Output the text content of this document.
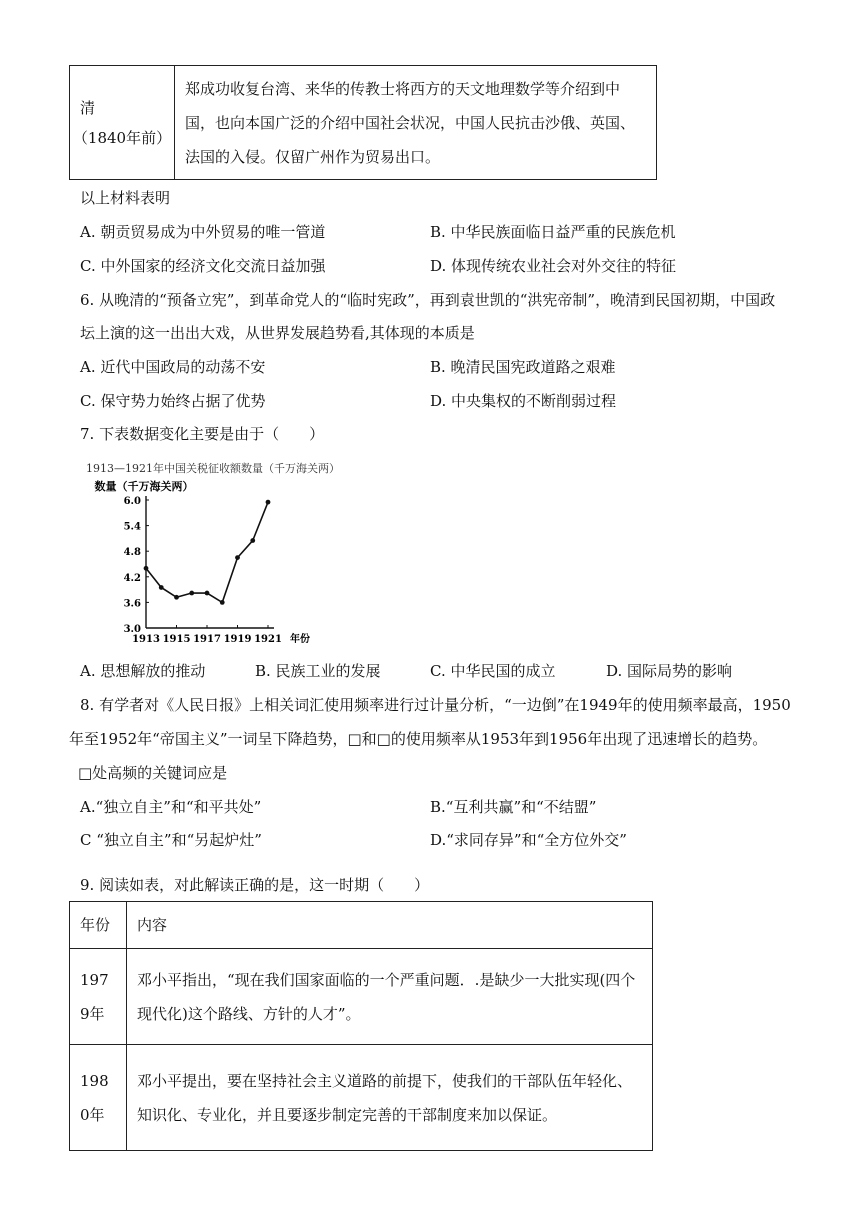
清
（1840年前）
	郑成功收复台湾、来华的传教士将西方的天文地理数学等介绍到中国，也向本国广泛的介绍中国社会状况，中国人民抗击沙俄、英国、法国的入侵。仅留广州作为贸易出口。
以上材料表明
A. 朝贡贸易成为中外贸易的唯一管道	B. 中华民族面临日益严重的民族危机
C. 中外国家的经济文化交流日益加强	D. 体现传统农业社会对外交往的特征
6. 从晚清的“预备立宪”，到革命党人的“临时宪政”，再到袁世凯的“洪宪帝制”，晚清到民国初期，中国政
坛上演的这一出出大戏，从世界发展趋势看,其体现的本质是
A. 近代中国政局的动荡不安	B. 晚清民国宪政道路之艰难
C. 保守势力始终占据了优势	D. 中央集权的不断削弱过程
7. 下表数据变化主要是由于（　　）
1913—1921年中国关税征收额数量（千万海关两）
数量（千万海关两）
年份
6.0
5.4
4.8
4.2
3.6
3.0
1913 1915 1917 1919 1921
A. 思想解放的推动	B. 民族工业的发展	C. 中华民国的成立	D. 国际局势的影响
8. 有学者对《人民日报》上相关词汇使用频率进行过计量分析，“一边倒”在1949年的使用频率最高，1950
年至1952年“帝国主义”一词呈下降趋势，□和□的使用频率从1953年到1956年出现了迅速增长的趋势。
□处高频的关键词应是
A.“独立自主”和“和平共处”	B.“互利共赢”和“不结盟”
C “独立自主”和“另起炉灶”	D.“求同存异”和“全方位外交”
9. 阅读如表，对此解读正确的是，这一时期（　　）
年份	内容
1979年	邓小平指出，“现在我们国家面临的一个严重问题．.是缺少一大批实现(四个现代化)这个路线、方针的人才”。
1980年	邓小平提出，要在坚持社会主义道路的前提下，使我们的干部队伍年轻化、知识化、专业化，并且要逐步制定完善的干部制度来加以保证。
